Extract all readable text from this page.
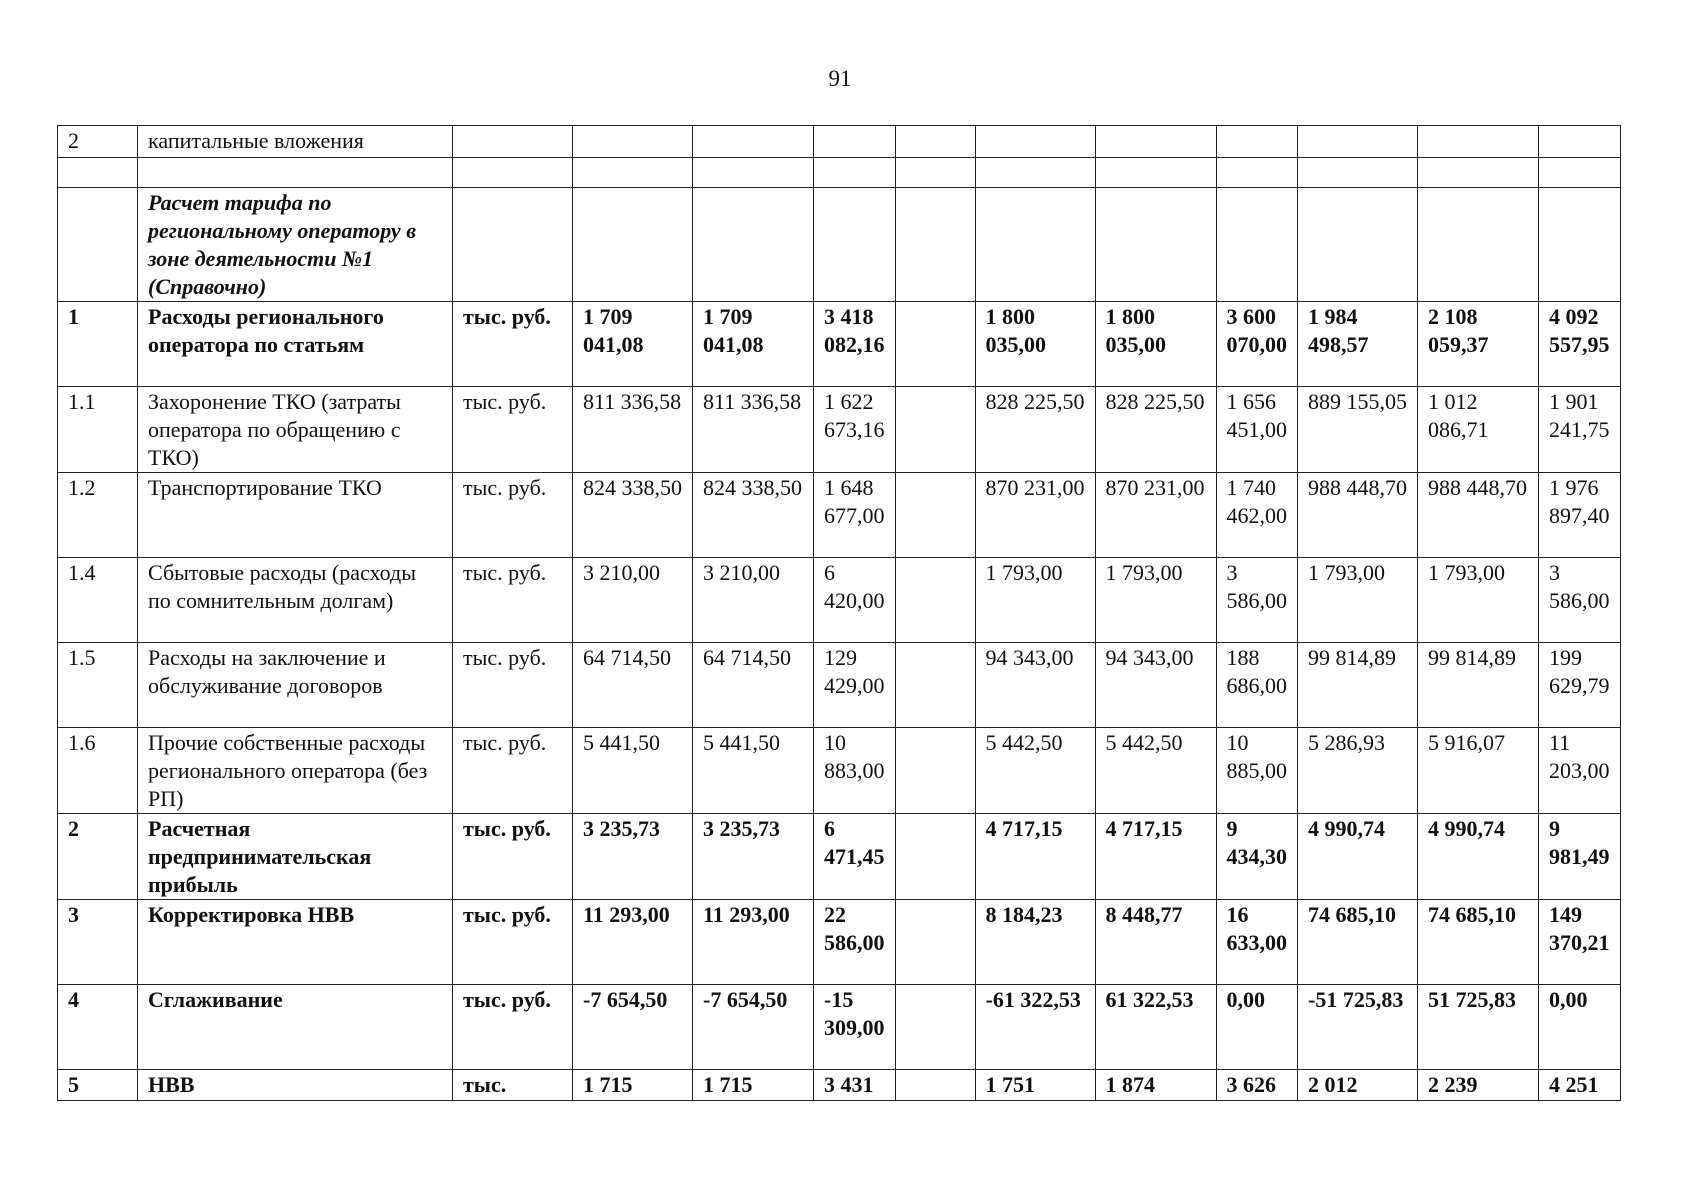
91
2	капитальные вложения											

	Расчет тарифа по региональному оператору в зоне деятельности №1 (Справочно)											
1	Расходы регионального оператора по статьям	тыс. руб.	1 709 041,08	1 709 041,08	3 418 082,16		1 800 035,00	1 800 035,00	3 600 070,00	1 984 498,57	2 108 059,37	4 092 557,95
1.1	Захоронение ТКО (затраты оператора по обращению с ТКО)	тыс. руб.	811 336,58	811 336,58	1 622 673,16		828 225,50	828 225,50	1 656 451,00	889 155,05	1 012 086,71	1 901 241,75
1.2	Транспортирование ТКО	тыс. руб.	824 338,50	824 338,50	1 648 677,00		870 231,00	870 231,00	1 740 462,00	988 448,70	988 448,70	1 976 897,40
1.4	Сбытовые расходы (расходы по сомнительным долгам)	тыс. руб.	3 210,00	3 210,00	6 420,00		1 793,00	1 793,00	3 586,00	1 793,00	1 793,00	3 586,00
1.5	Расходы на заключение и обслуживание договоров	тыс. руб.	64 714,50	64 714,50	129 429,00		94 343,00	94 343,00	188 686,00	99 814,89	99 814,89	199 629,79
1.6	Прочие собственные расходы регионального оператора (без РП)	тыс. руб.	5 441,50	5 441,50	10 883,00		5 442,50	5 442,50	10 885,00	5 286,93	5 916,07	11 203,00
2	Расчетная предпринимательская прибыль	тыс. руб.	3 235,73	3 235,73	6 471,45		4 717,15	4 717,15	9 434,30	4 990,74	4 990,74	9 981,49
3	Корректировка НВВ	тыс. руб.	11 293,00	11 293,00	22 586,00		8 184,23	8 448,77	16 633,00	74 685,10	74 685,10	149 370,21
4	Сглаживание	тыс. руб.	-7 654,50	-7 654,50	-15 309,00		-61 322,53	61 322,53	0,00	-51 725,83	51 725,83	0,00
5	НВВ	тыс.	1 715	1 715	3 431		1 751	1 874	3 626	2 012	2 239	4 251
